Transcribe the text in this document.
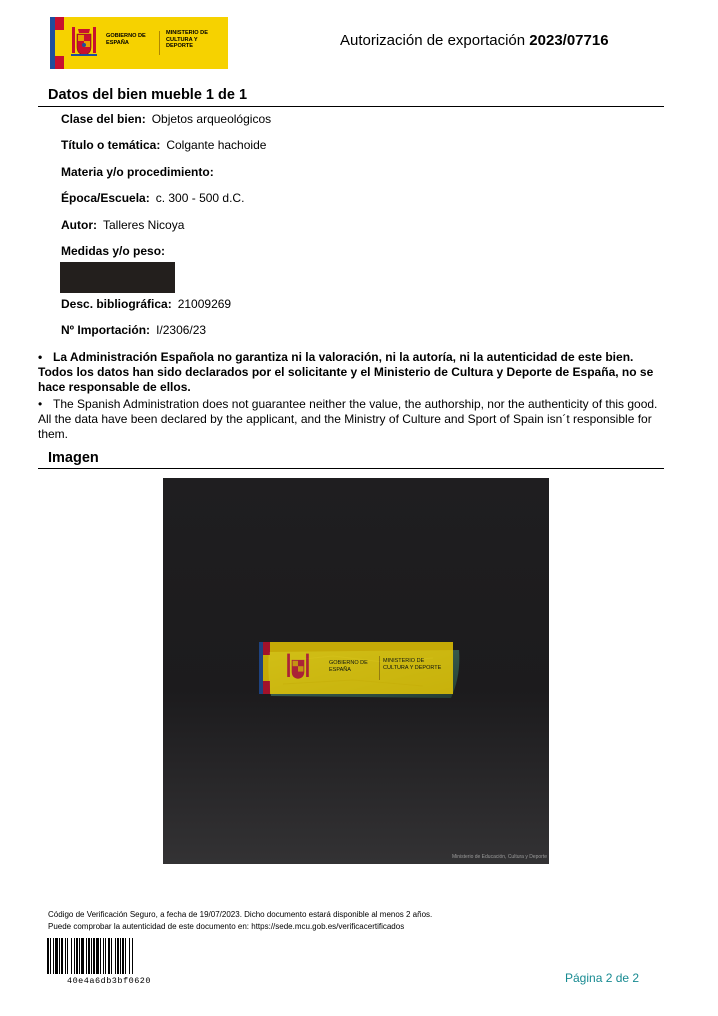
GOBIERNO DE ESPAÑA
MINISTERIO DE CULTURA Y DEPORTE	Autorización de exportación 2023/07716
Datos del bien mueble 1 de 1
Clase del bien: Objetos arqueológicos
Título o temática: Colgante hachoide
Materia y/o procedimiento:
Época/Escuela: c. 300 - 500 d.C.
Autor: Talleres Nicoya
Medidas y/o peso:
Desc. bibliográfica: 21009269
Nº Importación: I/2306/23
• La Administración Española no garantiza ni la valoración, ni la autoría, ni la autenticidad de este bien. Todos los datos han sido declarados por el solicitante y el Ministerio de Cultura y Deporte de España, no se hace responsable de ellos.
• The Spanish Administration does not guarantee neither the value, the authorship, nor the authenticity of this good. All the data have been declared by the applicant, and the Ministry of Culture and Sport of Spain isn´t responsible for them.
Imagen
GOBIERNO DE ESPAÑA
MINISTERIO DE CULTURA Y DEPORTE
Ministerio de Educación, Cultura y Deporte
Código de Verificación Seguro, a fecha de 19/07/2023. Dicho documento estará disponible al menos 2 años.
Puede comprobar la autenticidad de este documento en: https://sede.mcu.gob.es/verificacertificados
40e4a6db3bf0620	Página 2 de 2
